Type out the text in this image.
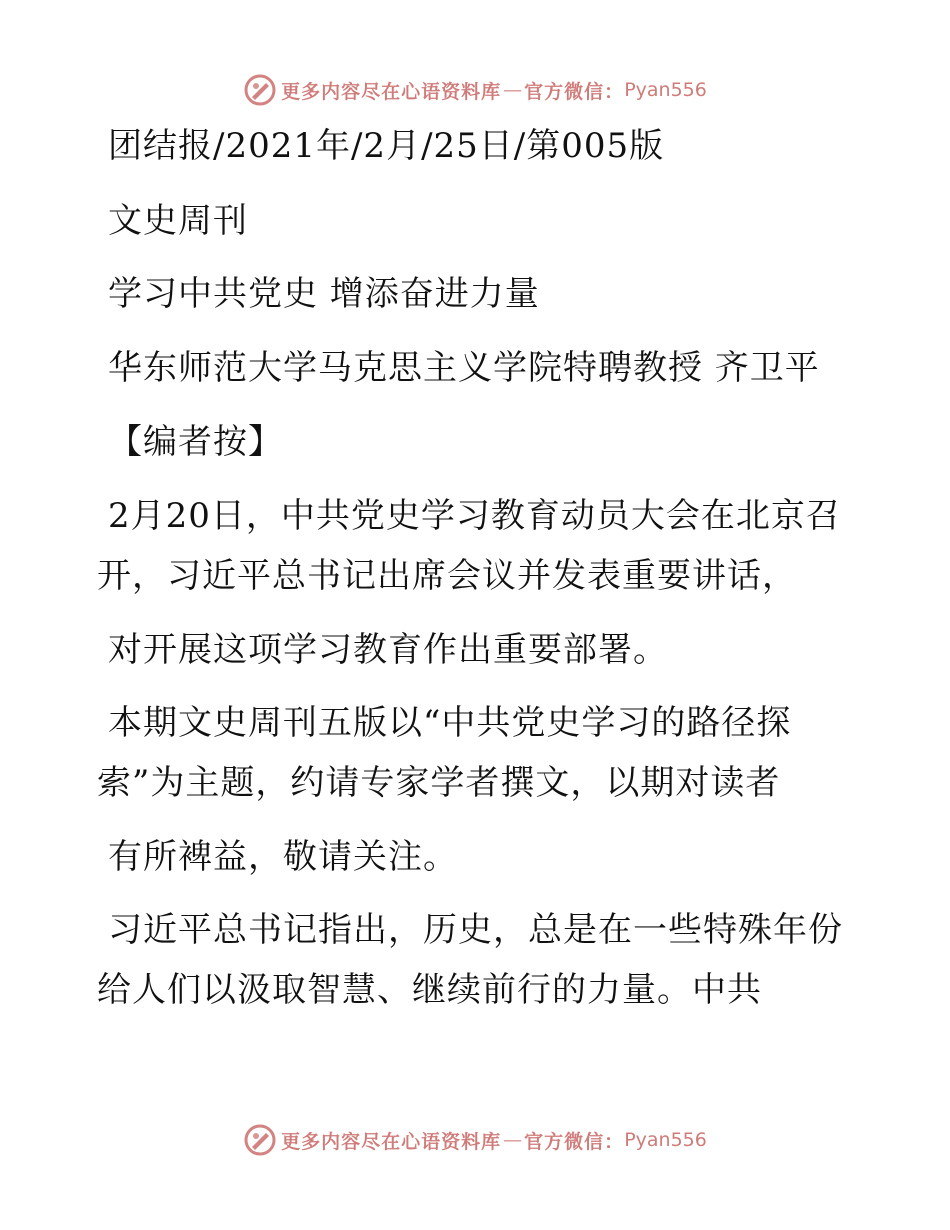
更多内容尽在心语资料库 — 官方微信： Pyan556
团结报/2021年/2月/25日/第005版
文史周刊
学习中共党史 增添奋进力量
华东师范大学马克思主义学院特聘教授 齐卫平
【编者按】
2月20日，中共党史学习教育动员大会在北京召
开，习近平总书记出席会议并发表重要讲话，
对开展这项学习教育作出重要部署。
本期文史周刊五版以“中共党史学习的路径探
索”为主题，约请专家学者撰文，以期对读者
有所裨益，敬请关注。
习近平总书记指出，历史，总是在一些特殊年份
给人们以汲取智慧、继续前行的力量。中共
更多内容尽在心语资料库 — 官方微信： Pyan556
